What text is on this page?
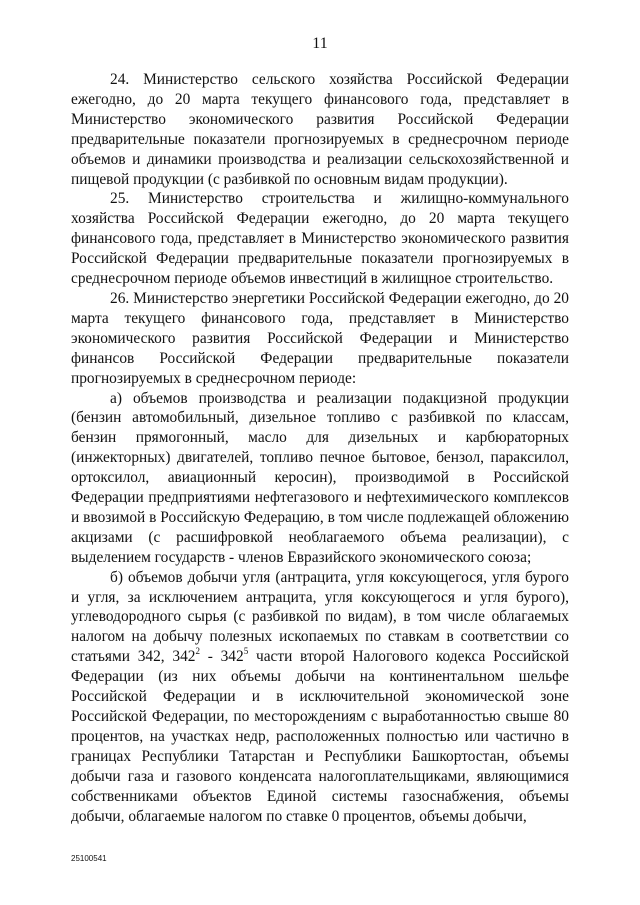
11

24. Министерство сельского хозяйства Российской Федерации ежегодно, до 20 марта текущего финансового года, представляет в Министерство экономического развития Российской Федерации предварительные показатели прогнозируемых в среднесрочном периоде объемов и динамики производства и реализации сельскохозяйственной и пищевой продукции (с разбивкой по основным видам продукции).

25. Министерство строительства и жилищно-коммунального хозяйства Российской Федерации ежегодно, до 20 марта текущего финансового года, представляет в Министерство экономического развития Российской Федерации предварительные показатели прогнозируемых в среднесрочном периоде объемов инвестиций в жилищное строительство.

26. Министерство энергетики Российской Федерации ежегодно, до 20 марта текущего финансового года, представляет в Министерство экономического развития Российской Федерации и Министерство финансов Российской Федерации предварительные показатели прогнозируемых в среднесрочном периоде:

а) объемов производства и реализации подакцизной продукции (бензин автомобильный, дизельное топливо с разбивкой по классам, бензин прямогонный, масло для дизельных и карбюраторных (инжекторных) двигателей, топливо печное бытовое, бензол, параксилол, ортоксилол, авиационный керосин), производимой в Российской Федерации предприятиями нефтегазового и нефтехимического комплексов и ввозимой в Российскую Федерацию, в том числе подлежащей обложению акцизами (с расшифровкой необлагаемого объема реализации), с выделением государств - членов Евразийского экономического союза;

б) объемов добычи угля (антрацита, угля коксующегося, угля бурого и угля, за исключением антрацита, угля коксующегося и угля бурого), углеводородного сырья (с разбивкой по видам), в том числе облагаемых налогом на добычу полезных ископаемых по ставкам в соответствии со статьями 342, $342^2 - 342^5$ части второй Налогового кодекса Российской Федерации (из них объемы добычи на континентальном шельфе Российской Федерации и в исключительной экономической зоне Российской Федерации, по месторождениям с выработанностью свыше 80 процентов, на участках недр, расположенных полностью или частично в границах Республики Татарстан и Республики Башкортостан, объемы добычи газа и газового конденсата налогоплательщиками, являющимися собственниками объектов Единой системы газоснабжения, объемы добычи, облагаемые налогом по ставке 0 процентов, объемы добычи,

25100541
